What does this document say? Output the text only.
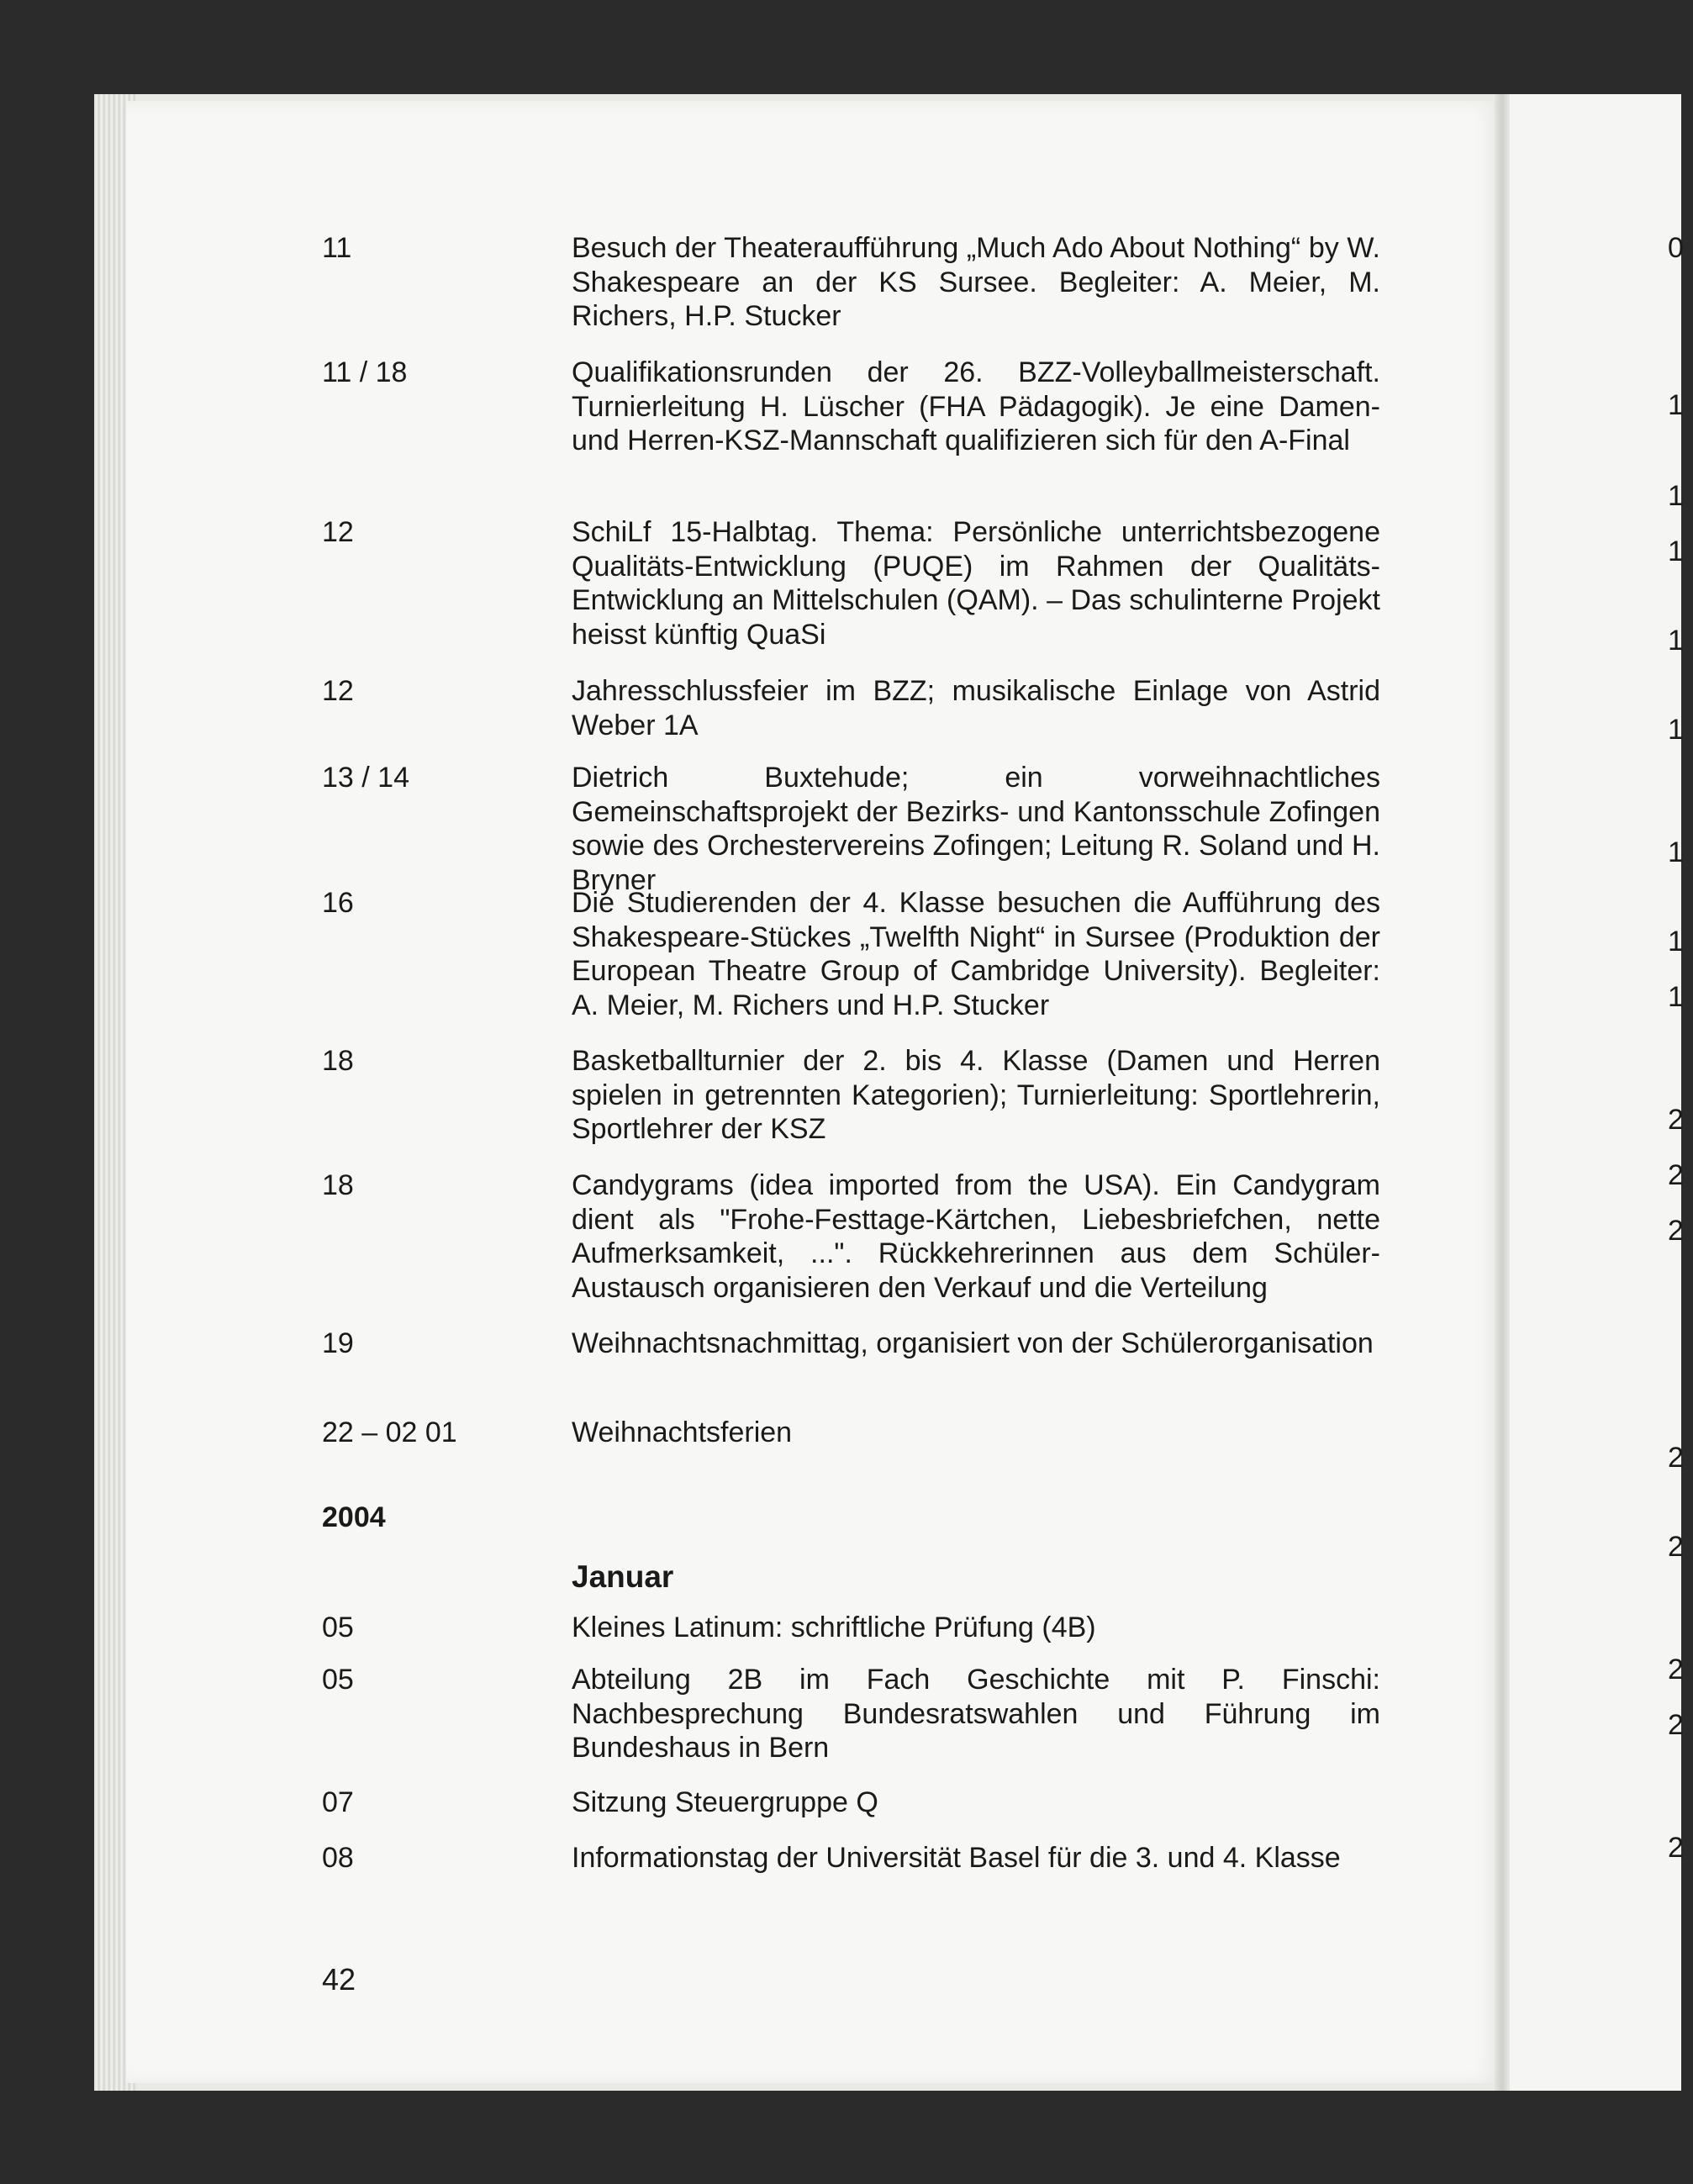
11	Besuch der Theateraufführung „Much Ado About Nothing“ by W. Shakespeare an der KS Sursee. Begleiter: A. Meier, M. Richers, H.P. Stucker
11 / 18	Qualifikationsrunden der 26. BZZ-Volleyballmeisterschaft. Turnierleitung H. Lüscher (FHA Pädagogik). Je eine Damen- und Herren-KSZ-Mannschaft qualifizieren sich für den A-Final
12	SchiLf 15-Halbtag. Thema: Persönliche unterrichtsbezogene Qualitäts-Entwicklung (PUQE) im Rahmen der Qualitäts-Entwicklung an Mittelschulen (QAM). – Das schulinterne Projekt heisst künftig QuaSi
12	Jahresschlussfeier im BZZ; musikalische Einlage von Astrid Weber 1A
13 / 14	Dietrich Buxtehude; ein vorweihnachtliches Gemeinschaftsprojekt der Bezirks- und Kantonsschule Zofingen sowie des Orchestervereins Zofingen; Leitung R. Soland und H. Bryner
16	Die Studierenden der 4. Klasse besuchen die Aufführung des Shakespeare-Stückes „Twelfth Night“ in Sursee (Produktion der European Theatre Group of Cambridge University). Begleiter: A. Meier, M. Richers und H.P. Stucker
18	Basketballturnier der 2. bis 4. Klasse (Damen und Herren spielen in getrennten Kategorien); Turnierleitung: Sportlehrerin, Sportlehrer der KSZ
18	Candygrams (idea imported from the USA). Ein Candygram dient als "Frohe-Festtage-Kärtchen, Liebesbriefchen, nette Aufmerksamkeit, ...". Rückkehrerinnen aus dem Schüler-Austausch organisieren den Verkauf und die Verteilung
19	Weihnachtsnachmittag, organisiert von der Schülerorganisation
22 – 02 01	Weihnachtsferien
2004
Januar
05	Kleines Latinum: schriftliche Prüfung (4B)
05	Abteilung 2B im Fach Geschichte mit P. Finschi: Nachbesprechung Bundesratswahlen und Führung im Bundeshaus in Bern
07	Sitzung Steuergruppe Q
08	Informationstag der Universität Basel für die 3. und 4. Klasse
42
0
1
1
1
1
1
1
1
1
2
2
2
2
2
2
2
2
